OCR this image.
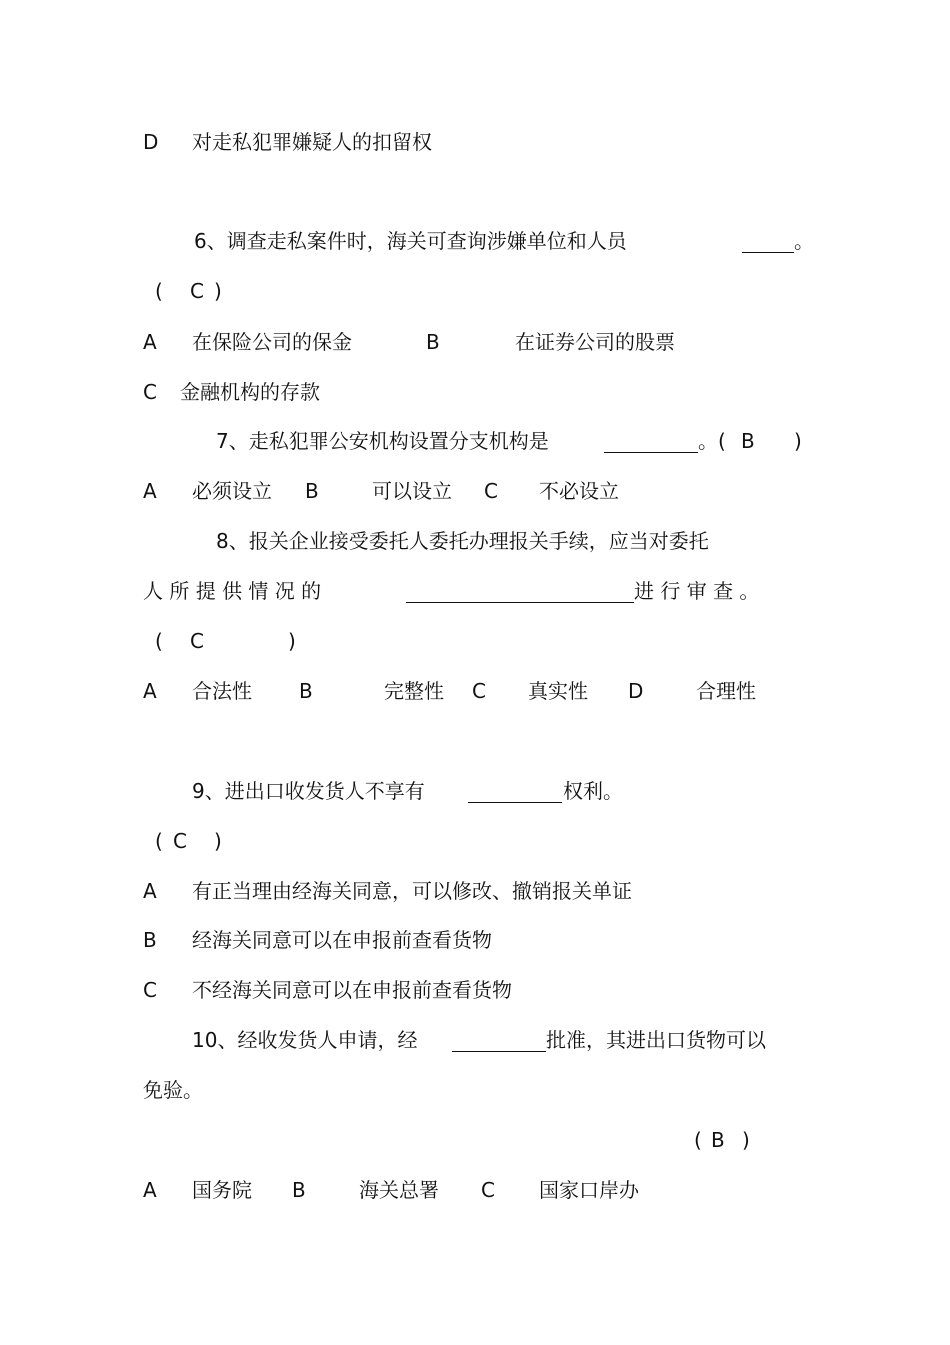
D 对走私犯罪嫌疑人的扣留权
6、调查走私案件时，海关可查询涉嫌单位和人员	。
( C )
A 在保险公司的保金	B	在证券公司的股票
C 金融机构的存款
7、走私犯罪公安机构设置分支机构是	。( B )
A 必须设立 B	可以设立 C 不必设立
8、报关企业接受委托人委托办理报关手续，应当对委托
人 所 提 供 情 况 的	进 行 审 查 。
( C	)
A 合法性 B	完整性 C 真实性 D	合理性
9、进出口收发货人不享有	权利。
( C )
A 有正当理由经海关同意，可以修改、撤销报关单证
B 经海关同意可以在申报前查看货物
C 不经海关同意可以在申报前查看货物
10、经收发货人申请，经	批准，其进出口货物可以
免验。
( B )
A 国务院 B	海关总署 C 国家口岸办
